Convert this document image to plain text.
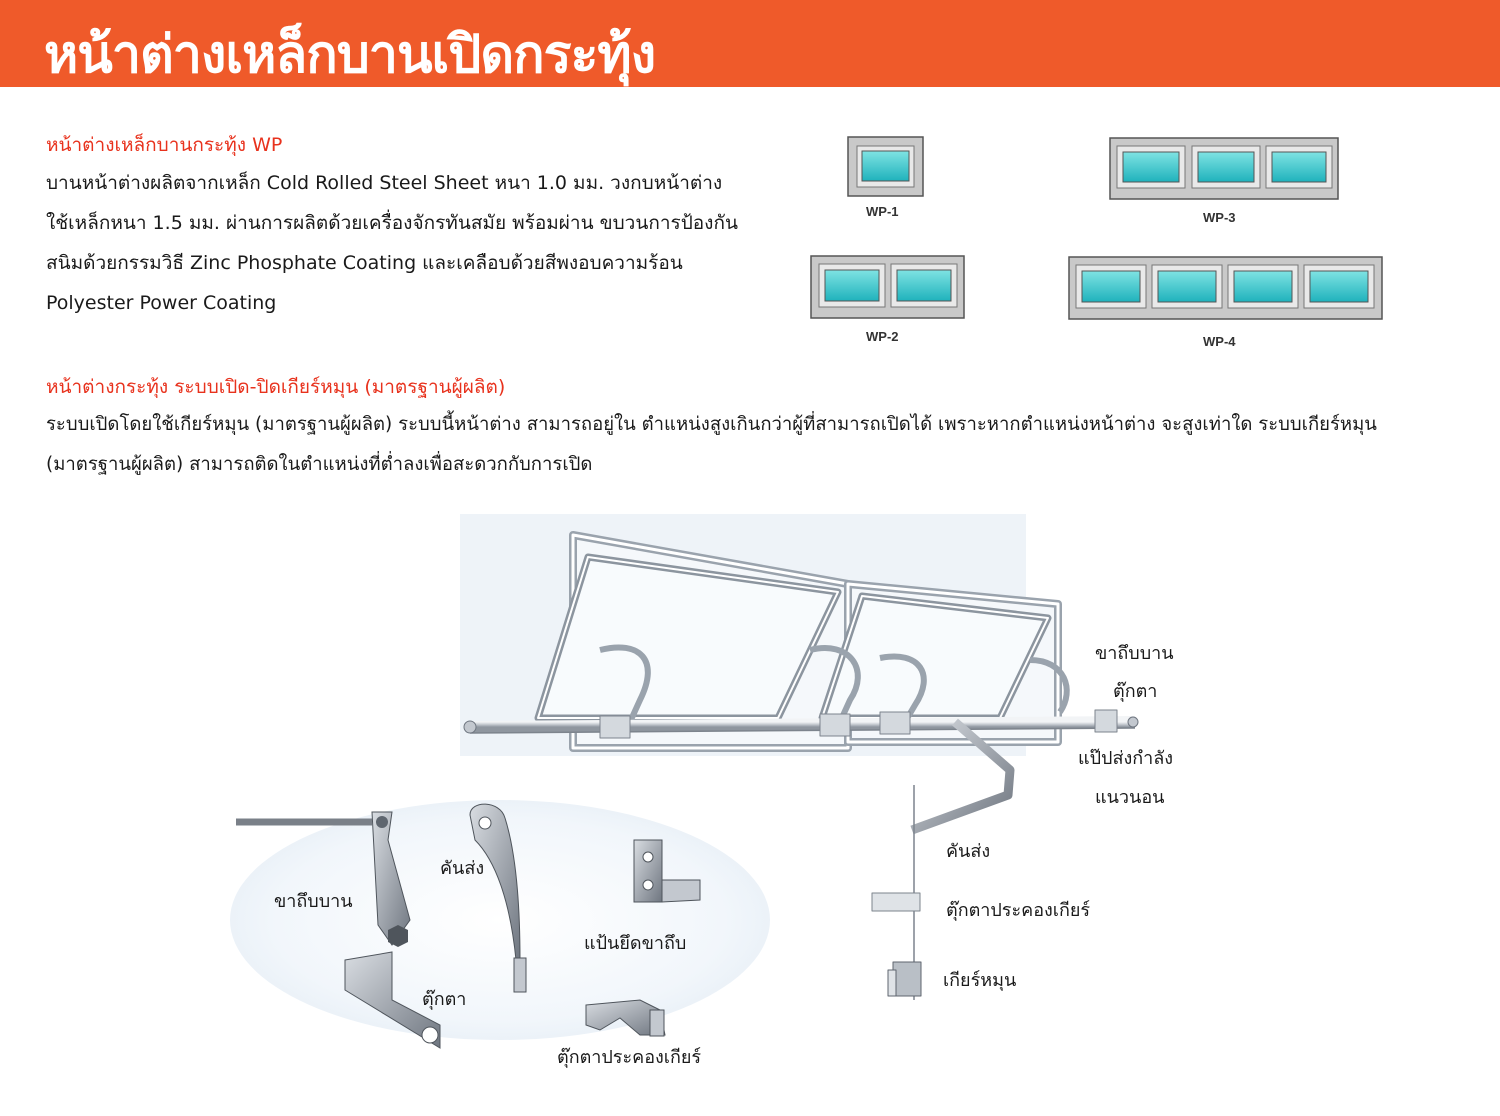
หน้าต่างเหล็กบานเปิดกระทุ้ง
หน้าต่างเหล็กบานกระทุ้ง WP
บานหน้าต่างผลิตจากเหล็ก Cold Rolled Steel Sheet หนา 1.0 มม. วงกบหน้าต่าง
ใช้เหล็กหนา 1.5 มม. ผ่านการผลิตด้วยเครื่องจักรทันสมัย พร้อมผ่าน ขบวนการป้องกัน
สนิมด้วยกรรมวิธี Zinc Phosphate Coating และเคลือบด้วยสีพงอบความร้อน
Polyester Power Coating
WP-1	WP-3
WP-2	WP-4
หน้าต่างกระทุ้ง ระบบเปิด-ปิดเกียร์หมุน (มาตรฐานผู้ผลิต)
ระบบเปิดโดยใช้เกียร์หมุน (มาตรฐานผู้ผลิต) ระบบนี้หน้าต่าง สามารถอยู่ใน ตำแหน่งสูงเกินกว่าผู้ที่สามารถเปิดได้ เพราะหากตำแหน่งหน้าต่าง จะสูงเท่าใด ระบบเกียร์หมุน
(มาตรฐานผู้ผลิต) สามารถติดในตำแหน่งที่ต่ำลงเพื่อสะดวกกับการเปิด
ขาถึบบาน
ตุ๊กตา
แป๊ปส่งกำลัง
แนวนอน
คันส่ง
ตุ๊กตาประคองเกียร์
เกียร์หมุน
ขาถึบบาน
คันส่ง
แป้นยึดขาถึบ
ตุ๊กตา
ตุ๊กตาประคองเกียร์
